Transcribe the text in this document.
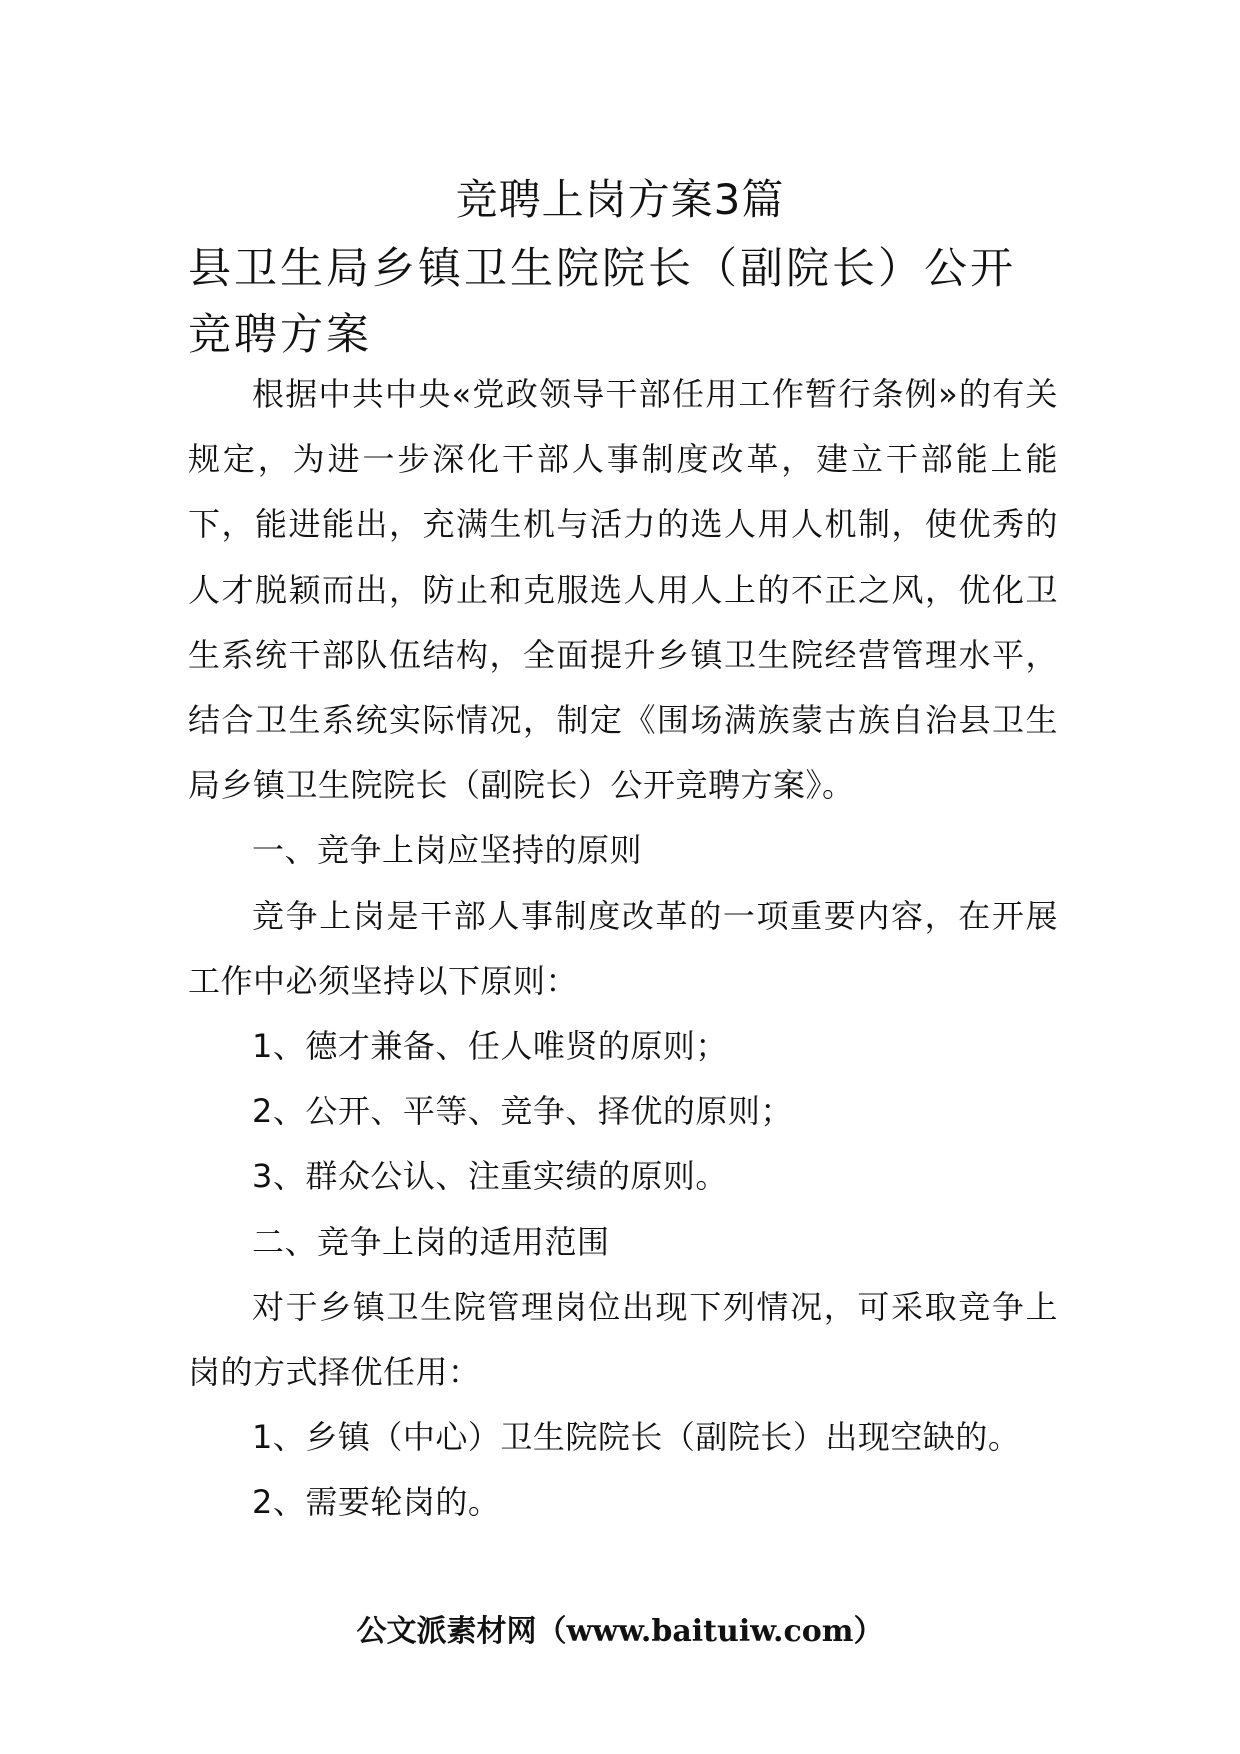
竞聘上岗方案3篇
县卫生局乡镇卫生院院长（副院长）公开竞聘方案

根据中共中央«党政领导干部任用工作暂行条例»的有关规定，为进一步深化干部人事制度改革，建立干部能上能下，能进能出，充满生机与活力的选人用人机制，使优秀的人才脱颖而出，防止和克服选人用人上的不正之风，优化卫生系统干部队伍结构，全面提升乡镇卫生院经营管理水平，结合卫生系统实际情况，制定《围场满族蒙古族自治县卫生局乡镇卫生院院长（副院长）公开竞聘方案》。

一、竞争上岗应坚持的原则

竞争上岗是干部人事制度改革的一项重要内容，在开展工作中必须坚持以下原则：

1、德才兼备、任人唯贤的原则；

2、公开、平等、竞争、择优的原则；

3、群众公认、注重实绩的原则。

二、竞争上岗的适用范围

对于乡镇卫生院管理岗位出现下列情况，可采取竞争上岗的方式择优任用：

1、乡镇（中心）卫生院院长（副院长）出现空缺的。

2、需要轮岗的。

公文派素材网（www.baituiw.com）
